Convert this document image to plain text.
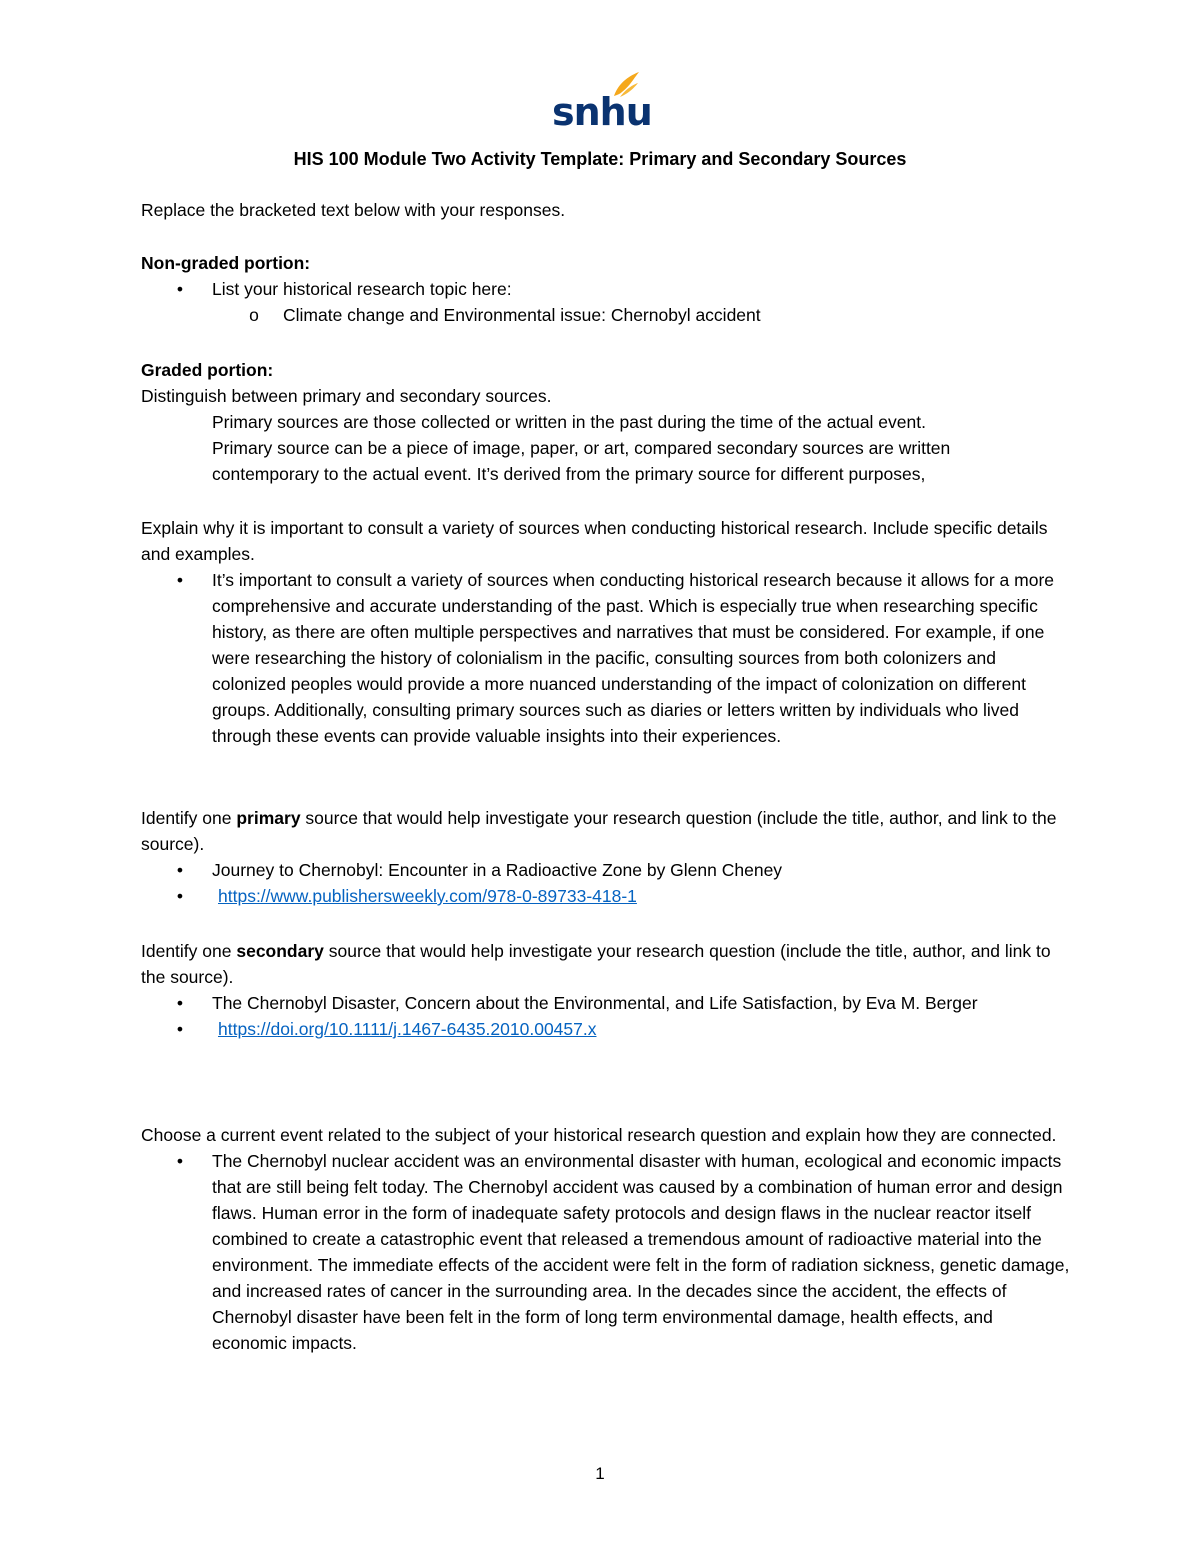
snhu
HIS 100 Module Two Activity Template: Primary and Secondary Sources

Replace the bracketed text below with your responses.

Non-graded portion:

• List your historical research topic here:
o Climate change and Environmental issue: Chernobyl accident

Graded portion:

Distinguish between primary and secondary sources.

Primary sources are those collected or written in the past during the time of the actual event.

Primary source can be a piece of image, paper, or art, compared secondary sources are written

contemporary to the actual event. It’s derived from the primary source for different purposes,

Explain why it is important to consult a variety of sources when conducting historical research. Include specific details and examples.

• It’s important to consult a variety of sources when conducting historical research because it allows for a more comprehensive and accurate understanding of the past. Which is especially true when researching specific history, as there are often multiple perspectives and narratives that must be considered. For example, if one were researching the history of colonialism in the pacific, consulting sources from both colonizers and colonized peoples would provide a more nuanced understanding of the impact of colonization on different groups. Additionally, consulting primary sources such as diaries or letters written by individuals who lived through these events can provide valuable insights into their experiences.

Identify one primary source that would help investigate your research question (include the title, author, and link to the source).

• Journey to Chernobyl: Encounter in a Radioactive Zone by Glenn Cheney
• https://www.publishersweekly.com/978-0-89733-418-1

Identify one secondary source that would help investigate your research question (include the title, author, and link to the source).

• The Chernobyl Disaster, Concern about the Environmental, and Life Satisfaction, by Eva M. Berger
• https://doi.org/10.1111/j.1467-6435.2010.00457.x

Choose a current event related to the subject of your historical research question and explain how they are connected.

• The Chernobyl nuclear accident was an environmental disaster with human, ecological and economic impacts that are still being felt today. The Chernobyl accident was caused by a combination of human error and design flaws. Human error in the form of inadequate safety protocols and design flaws in the nuclear reactor itself combined to create a catastrophic event that released a tremendous amount of radioactive material into the environment. The immediate effects of the accident were felt in the form of radiation sickness, genetic damage, and increased rates of cancer in the surrounding area. In the decades since the accident, the effects of Chernobyl disaster have been felt in the form of long term environmental damage, health effects, and economic impacts.
1
